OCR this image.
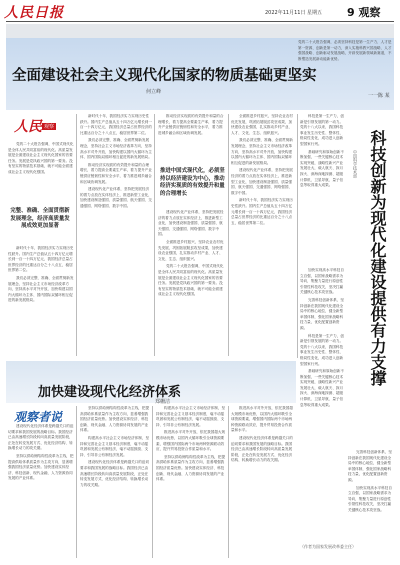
人民日报	2022年11月11日 星期五 9 观察
全面建设社会主义现代化国家的物质基础更坚实
何立峰
党的二十大报告强调，必须坚持科技是第一生产力、人才是第一资源、创新是第一动力，深入实施科教兴国战略、人才强国战略、创新驱动发展战略，开辟发展新领域新赛道，不断塑造发展新动能新优势。
一一陈 某
人民 观察

党的二十大报告强调，中国式现代化是全体人民共同富裕的现代化。高质量发展是全面建设社会主义现代化国家的首要任务。发展是党执政兴国的第一要务。没有坚实的物质技术基础，就不可能全面建成社会主义现代化强国。

完整、准确、全面贯彻新发展理念，经济高质量发展成效更加显著

新时代十年，我国经济实力实现历史性跃升。国内生产总值从五十四万亿元增长到一百一十四万亿元，我国经济总量占世界经济的比重达百分之十八点五，稳居世界第二位。

我们必须完整、准确、全面贯彻新发展理念，坚持社会主义市场经济改革方向，坚持高水平对外开放，加快构建以国内大循环为主体、国内国际双循环相互促进的新发展格局。

新时代十年，我国经济实力实现历史性跃升。国内生产总值从五十四万亿元增长到一百一十四万亿元，我国经济总量占世界经济的比重达百分之十八点五，稳居世界第二位。

我们必须完整、准确、全面贯彻新发展理念，坚持社会主义市场经济改革方向，坚持高水平对外开放，加快构建以国内大循环为主体、国内国际双循环相互促进的新发展格局。

推动经济实现质的有效提升和量的合理增长，着力提高全要素生产率，着力提升产业链供应链韧性和安全水平，着力推进城乡融合和区域协调发展。

建设现代化产业体系，坚持把发展经济的着力点放在实体经济上，推进新型工业化，加快建设制造强国、质量强国、航天强国、交通强国、网络强国、数字中国。

推动经济实现质的有效提升和量的合理增长，着力提高全要素生产率，着力提升产业链供应链韧性和安全水平，着力推进城乡融合和区域协调发展。

推进中国式现代化，必须坚持以经济建设为中心，推动经济实现质的有效提升和量的合理增长

建设现代化产业体系，坚持把发展经济的着力点放在实体经济上，推进新型工业化，加快建设制造强国、质量强国、航天强国、交通强国、网络强国、数字中国。

全面推进乡村振兴，坚持农业农村优先发展，巩固拓展脱贫攻坚成果，加快建设农业强国，扎实推动乡村产业、人才、文化、生态、组织振兴。

党的二十大报告强调，中国式现代化是全体人民共同富裕的现代化。高质量发展是全面建设社会主义现代化国家的首要任务。发展是党执政兴国的第一要务。没有坚实的物质技术基础，就不可能全面建成社会主义现代化强国。

全面推进乡村振兴，坚持农业农村优先发展，巩固拓展脱贫攻坚成果，加快建设农业强国，扎实推动乡村产业、人才、文化、生态、组织振兴。

我们必须完整、准确、全面贯彻新发展理念，坚持社会主义市场经济改革方向，坚持高水平对外开放，加快构建以国内大循环为主体、国内国际双循环相互促进的新发展格局。

建设现代化产业体系，坚持把发展经济的着力点放在实体经济上，推进新型工业化，加快建设制造强国、质量强国、航天强国、交通强国、网络强国、数字中国。

新时代十年，我国经济实力实现历史性跃升。国内生产总值从五十四万亿元增长到一百一十四万亿元，我国经济总量占世界经济的比重达百分之十八点五，稳居世界第二位。

科技是第一生产力，创新是引领发展的第一动力。党的十八大以来，我国科技事业发生历史性、整体性、格局性变化，成功进入创新型国家行列。

基础研究和原始创新不断加强，一些关键核心技术实现突破，战略性新兴产业发展壮大，载人航天、探月探火、深海深地探测、超级计算机、卫星导航、量子信息等取得重大成果。

中国科学技术部 科技创新为现代化建设提供有力支撑

加快实现高水平科技自立自强，以国家战略需求为导向，集聚力量进行原创性引领性科技攻关，坚决打赢关键核心技术攻坚战。

完善科技创新体系，坚持创新在我国现代化建设全局中的核心地位，健全新型举国体制，强化国家战略科技力量，优化配置创新资源。

科技是第一生产力，创新是引领发展的第一动力。党的十八大以来，我国科技事业发生历史性、整体性、格局性变化，成功进入创新型国家行列。

基础研究和原始创新不断加强，一些关键核心技术实现突破，战略性新兴产业发展壮大，载人航天、探月探火、深海深地探测、超级计算机、卫星导航、量子信息等取得重大成果。

完善科技创新体系，坚持创新在我国现代化建设全局中的核心地位，健全新型举国体制，强化国家战略科技力量，优化配置创新资源。

加快实现高水平科技自立自强，以国家战略需求为导向，集聚力量进行原创性引领性科技攻关，坚决打赢关键核心技术攻坚战。

加快建设现代化经济体系
郑栅洁
观察者说

建设现代化经济体系是跨越关口的迫切要求和我国发展的战略目标。我国经济已由高速增长阶段转向高质量发展阶段，正处在转变发展方式、优化经济结构、转换增长动力的攻关期。

坚持以供给侧结构性改革为主线，把提高供给体系质量作为主攻方向，显著增强我国经济质量优势。加快建设实体经济、科技创新、现代金融、人力资源协同发展的产业体系。

坚持以供给侧结构性改革为主线，把提高供给体系质量作为主攻方向，显著增强我国经济质量优势。加快建设实体经济、科技创新、现代金融、人力资源协同发展的产业体系。

构建高水平社会主义市场经济体制，坚持和完善社会主义基本经济制度，毫不动摇巩固和发展公有制经济，毫不动摇鼓励、支持、引导非公有制经济发展。

建设现代化经济体系是跨越关口的迫切要求和我国发展的战略目标。我国经济已由高速增长阶段转向高质量发展阶段，正处在转变发展方式、优化经济结构、转换增长动力的攻关期。

构建高水平社会主义市场经济体制，坚持和完善社会主义基本经济制度，毫不动摇巩固和发展公有制经济，毫不动摇鼓励、支持、引导非公有制经济发展。

推进高水平对外开放，依托我国超大规模市场优势，以国内大循环吸引全球资源要素，增强国内国际两个市场两种资源联动效应，提升贸易投资合作质量和水平。

坚持以供给侧结构性改革为主线，把提高供给体系质量作为主攻方向，显著增强我国经济质量优势。加快建设实体经济、科技创新、现代金融、人力资源协同发展的产业体系。

推进高水平对外开放，依托我国超大规模市场优势，以国内大循环吸引全球资源要素，增强国内国际两个市场两种资源联动效应，提升贸易投资合作质量和水平。

建设现代化经济体系是跨越关口的迫切要求和我国发展的战略目标。我国经济已由高速增长阶段转向高质量发展阶段，正处在转变发展方式、优化经济结构、转换增长动力的攻关期。

（作者为国家发展改革委主任）
